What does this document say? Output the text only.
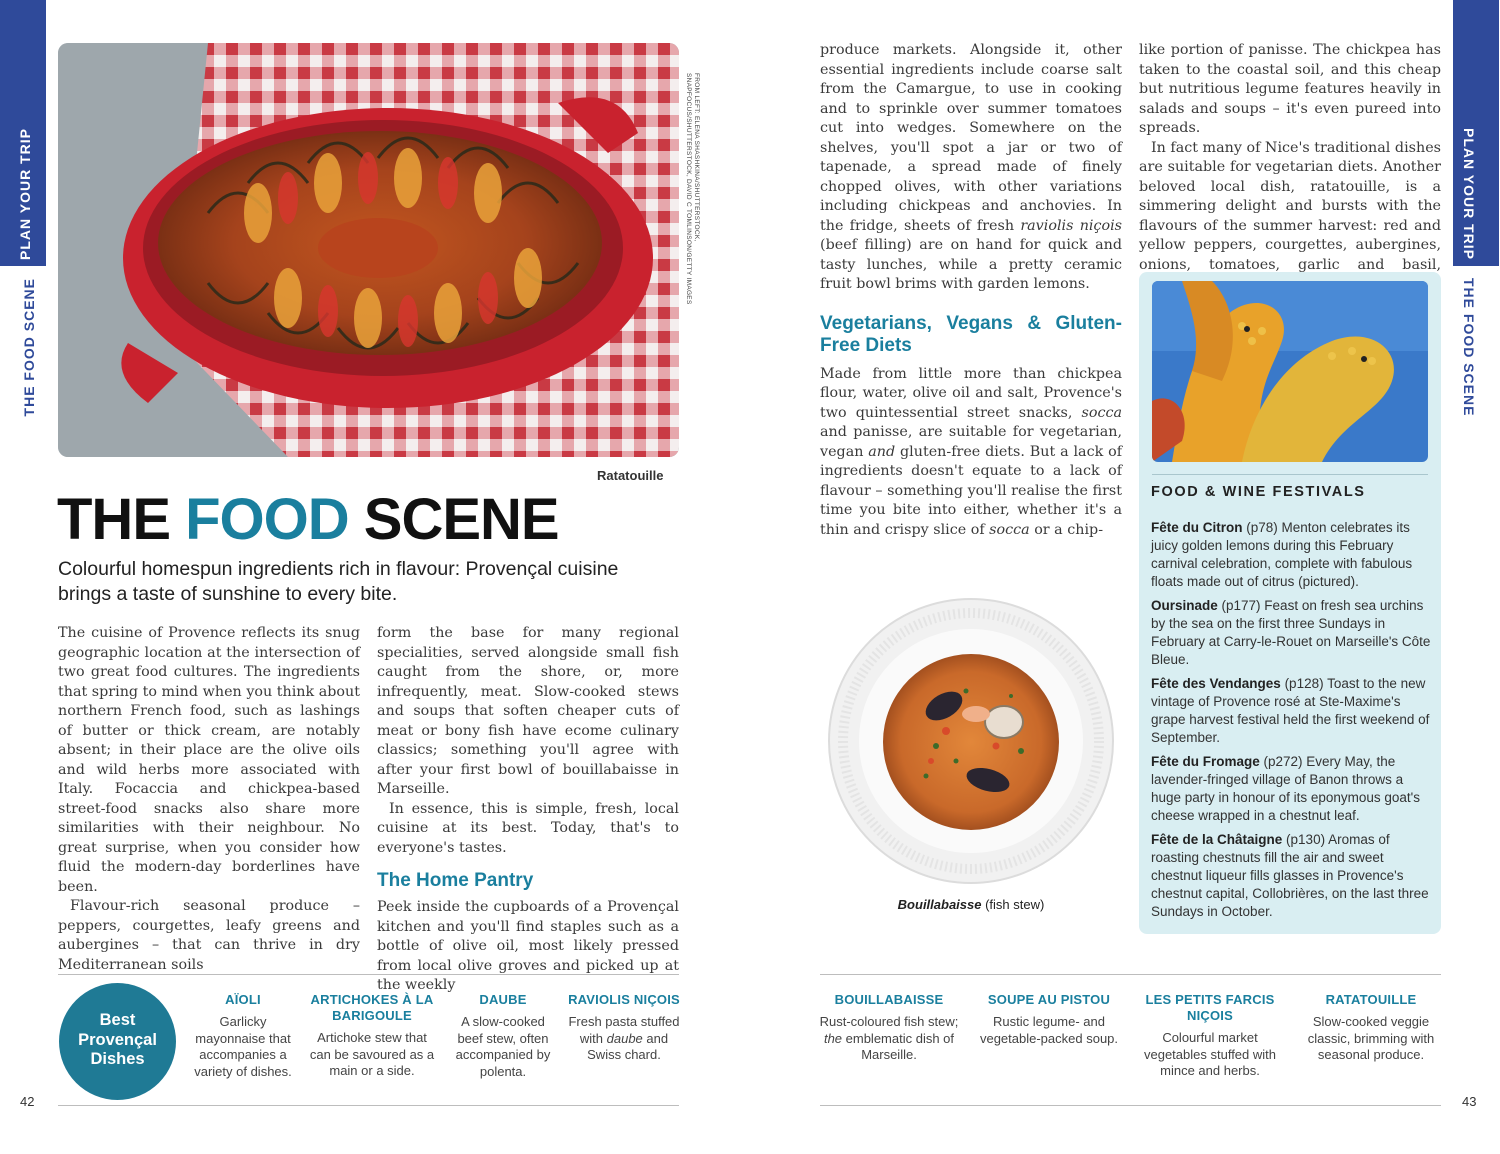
PLAN YOUR TRIP
THE FOOD SCENE
PLAN YOUR TRIP
THE FOOD SCENE
FROM LEFT: ELENA SHASHKINA/SHUTTERSTOCK, SNAPFOCUS/SHUTTERSTOCK, DAVID C TOMLINSON/GETTY IMAGES
Ratatouille
THE FOOD SCENE
Colourful homespun ingredients rich in flavour: Provençal cuisine brings a taste of sunshine to every bite.

The cuisine of Provence reflects its snug geographic location at the intersection of two great food cultures. The ingredients that spring to mind when you think about northern French food, such as lashings of butter or thick cream, are notably absent; in their place are the olive oils and wild herbs more associated with Italy. Focaccia and chickpea-based street-food snacks also share more similarities with their neighbour. No great surprise, when you consider how fluid the modern-day borderlines have been.

Flavour-rich seasonal produce – peppers, courgettes, leafy greens and aubergines – that can thrive in dry Mediterranean soils

form the base for many regional specialities, served alongside small fish caught from the shore, or, more infrequently, meat. Slow-cooked stews and soups that soften cheaper cuts of meat or bony fish have ecome culinary classics; something you'll agree with after your first bowl of bouillabaisse in Marseille.

In essence, this is simple, fresh, local cuisine at its best. Today, that's to everyone's tastes.

The Home Pantry

Peek inside the cupboards of a Provençal kitchen and you'll find staples such as a bottle of olive oil, most likely pressed from local olive groves and picked up at the weekly

produce markets. Alongside it, other essential ingredients include coarse salt from the Camargue, to use in cooking and to sprinkle over summer tomatoes cut into wedges. Somewhere on the shelves, you'll spot a jar or two of tapenade, a spread made of finely chopped olives, with other variations including chickpeas and anchovies. In the fridge, sheets of fresh raviolis niçois (beef filling) are on hand for quick and tasty lunches, while a pretty ceramic fruit bowl brims with garden lemons.

Vegetarians, Vegans & Gluten-Free Diets

Made from little more than chickpea flour, water, olive oil and salt, Provence's two quintessential street snacks, socca and panisse, are suitable for vegetarian, vegan and gluten-free diets. But a lack of ingredients doesn't equate to a lack of flavour – something you'll realise the first time you bite into either, whether it's a thin and crispy slice of socca or a chip-

like portion of panisse. The chickpea has taken to the coastal soil, and this cheap but nutritious legume features heavily in salads and soups – it's even pureed into spreads.

In fact many of Nice's traditional dishes are suitable for vegetarian diets. Another beloved local dish, ratatouille, is a simmering delight and bursts with the flavours of the summer harvest: red and yellow peppers, courgettes, aubergines, onions, tomatoes, garlic and basil,

Bouillabaisse (fish stew)
FOOD & WINE FESTIVALS
Fête du Citron (p78) Menton celebrates its juicy golden lemons during this February carnival celebration, complete with fabulous floats made out of citrus (pictured).
Oursinade (p177) Feast on fresh sea urchins by the sea on the first three Sundays in February at Carry-le-Rouet on Marseille's Côte Bleue.
Fête des Vendanges (p128) Toast to the new vintage of Provence rosé at Ste-Maxime's grape harvest festival held the first weekend of September.
Fête du Fromage (p272) Every May, the lavender-fringed village of Banon throws a huge party in honour of its eponymous goat's cheese wrapped in a chestnut leaf.
Fête de la Châtaigne (p130) Aromas of roasting chestnuts fill the air and sweet chestnut liqueur fills glasses in Provence's chestnut capital, Collobrières, on the last three Sundays in October.
Best
Provençal
Dishes
AÏOLI
Garlicky mayonnaise that accompanies a variety of dishes.
ARTICHOKES À LA BARIGOULE
Artichoke stew that can be savoured as a main or a side.
DAUBE
A slow-cooked beef stew, often accompanied by polenta.
RAVIOLIS NIÇOIS
Fresh pasta stuffed with daube and Swiss chard.
BOUILLABAISSE
Rust-coloured fish stew; the emblematic dish of Marseille.
SOUPE AU PISTOU
Rustic legume- and vegetable-packed soup.
LES PETITS FARCIS NIÇOIS
Colourful market vegetables stuffed with mince and herbs.
RATATOUILLE
Slow-cooked veggie classic, brimming with seasonal produce.
42	43
